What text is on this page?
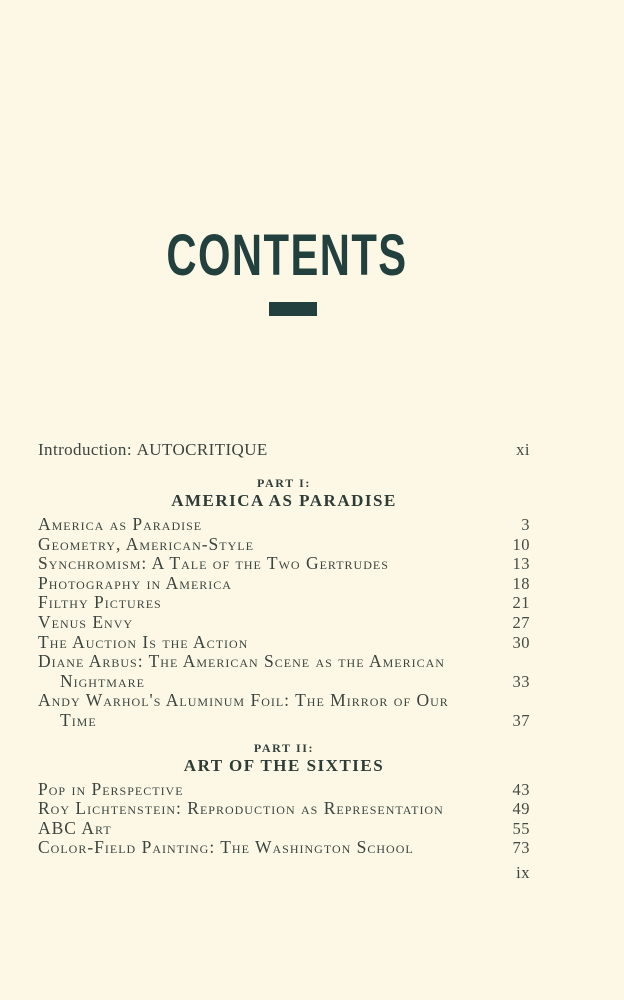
CONTENTS
Introduction: AUTOCRITIQUE	xi
PART I:
AMERICA AS PARADISE
America as Paradise	3
Geometry, American-Style	10
Synchromism: A Tale of the Two Gertrudes	13
Photography in America	18
Filthy Pictures	21
Venus Envy	27
The Auction Is the Action	30
Diane Arbus: The American Scene as the American
Nightmare	33
Andy Warhol's Aluminum Foil: The Mirror of Our
Time	37
PART II:
ART OF THE SIXTIES
Pop in Perspective	43
Roy Lichtenstein: Reproduction as Representation	49
ABC Art	55
Color-Field Painting: The Washington School	73
ix
